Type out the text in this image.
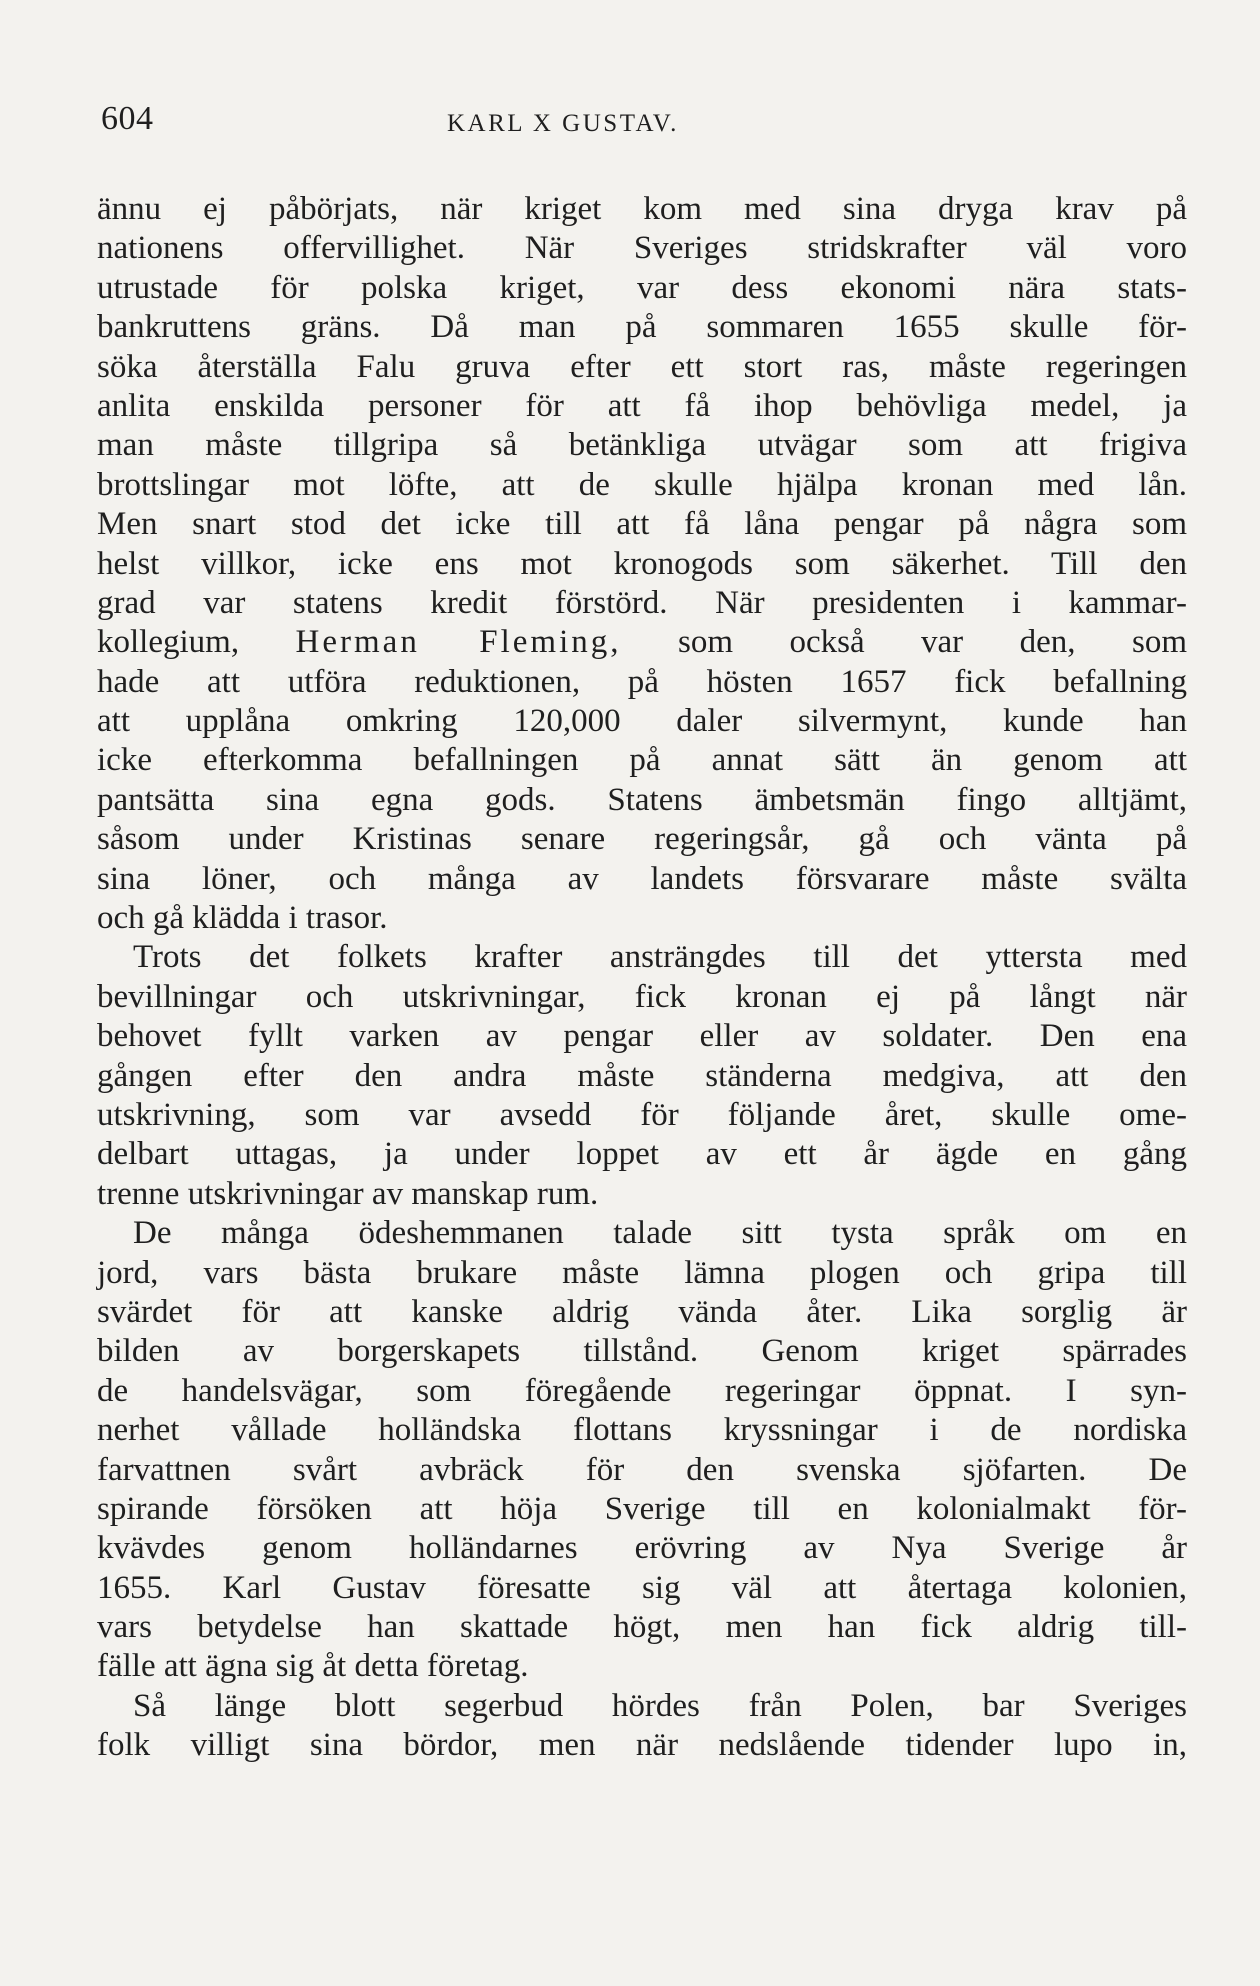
604	KARL X GUSTAV.
ännu ej påbörjats, när kriget kom med sina dryga krav på
nationens offervillighet. När Sveriges stridskrafter väl voro
utrustade för polska kriget, var dess ekonomi nära stats-
bankruttens gräns. Då man på sommaren 1655 skulle för-
söka återställa Falu gruva efter ett stort ras, måste regeringen
anlita enskilda personer för att få ihop behövliga medel, ja
man måste tillgripa så betänkliga utvägar som att frigiva
brottslingar mot löfte, att de skulle hjälpa kronan med lån.
Men snart stod det icke till att få låna pengar på några som
helst villkor, icke ens mot kronogods som säkerhet. Till den
grad var statens kredit förstörd. När presidenten i kammar-
kollegium, Herman Fleming, som också var den, som
hade att utföra reduktionen, på hösten 1657 fick befallning
att upplåna omkring 120,000 daler silvermynt, kunde han
icke efterkomma befallningen på annat sätt än genom att
pantsätta sina egna gods. Statens ämbetsmän fingo alltjämt,
såsom under Kristinas senare regeringsår, gå och vänta på
sina löner, och många av landets försvarare måste svälta
och gå klädda i trasor.
Trots det folkets krafter ansträngdes till det yttersta med
bevillningar och utskrivningar, fick kronan ej på långt när
behovet fyllt varken av pengar eller av soldater. Den ena
gången efter den andra måste ständerna medgiva, att den
utskrivning, som var avsedd för följande året, skulle ome-
delbart uttagas, ja under loppet av ett år ägde en gång
trenne utskrivningar av manskap rum.
De många ödeshemmanen talade sitt tysta språk om en
jord, vars bästa brukare måste lämna plogen och gripa till
svärdet för att kanske aldrig vända åter. Lika sorglig är
bilden av borgerskapets tillstånd. Genom kriget spärrades
de handelsvägar, som föregående regeringar öppnat. I syn-
nerhet vållade holländska flottans kryssningar i de nordiska
farvattnen svårt avbräck för den svenska sjöfarten. De
spirande försöken att höja Sverige till en kolonialmakt för-
kvävdes genom holländarnes erövring av Nya Sverige år
1655. Karl Gustav föresatte sig väl att återtaga kolonien,
vars betydelse han skattade högt, men han fick aldrig till-
fälle att ägna sig åt detta företag.
Så länge blott segerbud hördes från Polen, bar Sveriges
folk villigt sina bördor, men när nedslående tidender lupo in,
